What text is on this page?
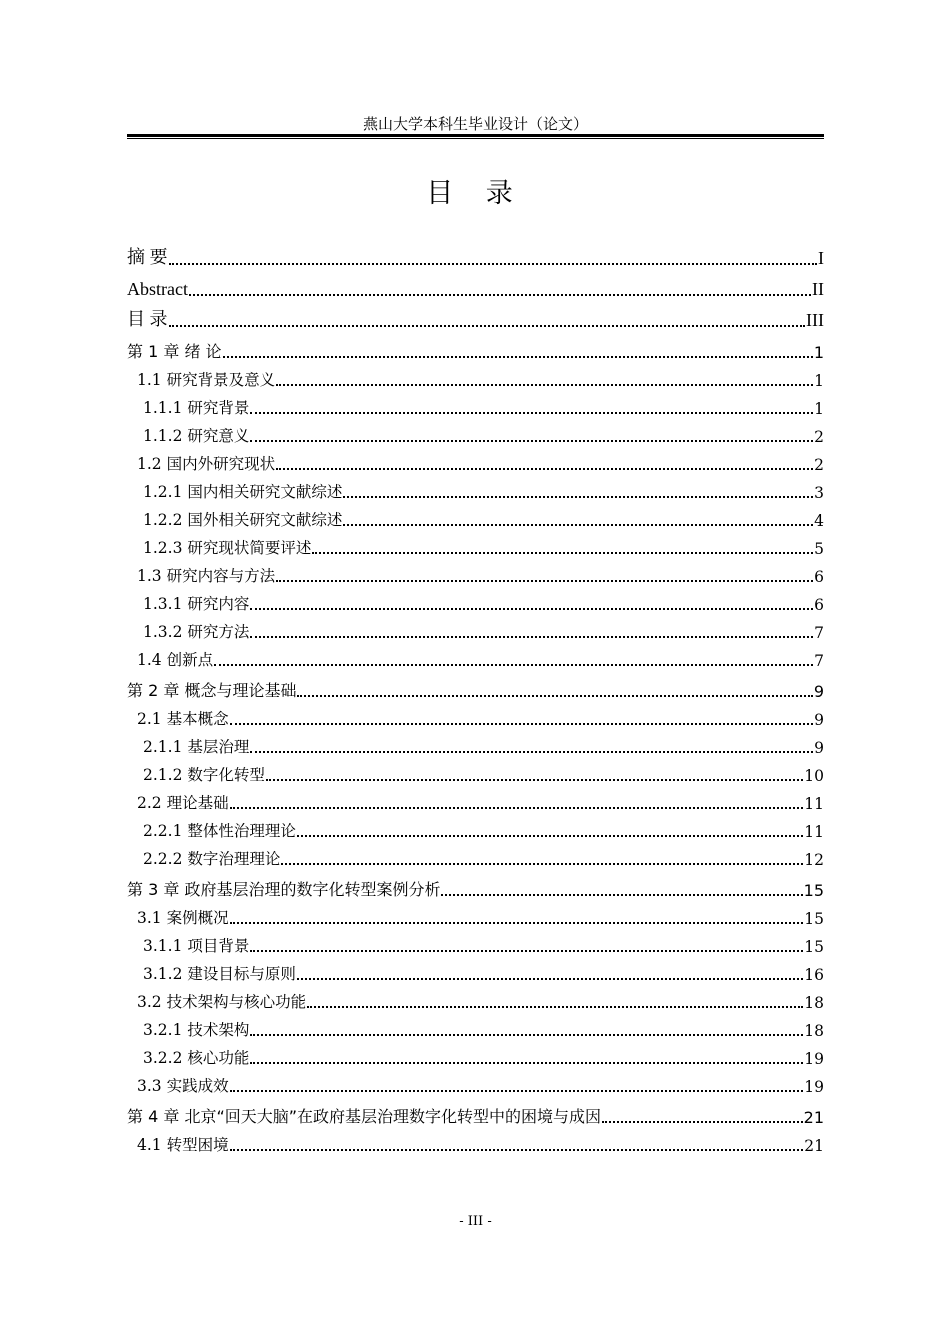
燕山大学本科生毕业设计（论文）
目 录
摘 要	I
Abstract	II
目 录	III
第 1 章 绪 论	1
1.1 研究背景及意义	1
1.1.1 研究背景	1
1.1.2 研究意义	2
1.2 国内外研究现状	2
1.2.1 国内相关研究文献综述	3
1.2.2 国外相关研究文献综述	4
1.2.3 研究现状简要评述	5
1.3 研究内容与方法	6
1.3.1 研究内容	6
1.3.2 研究方法	7
1.4 创新点	7
第 2 章 概念与理论基础	9
2.1 基本概念	9
2.1.1 基层治理	9
2.1.2 数字化转型	10
2.2 理论基础	11
2.2.1 整体性治理理论	11
2.2.2 数字治理理论	12
第 3 章 政府基层治理的数字化转型案例分析	15
3.1 案例概况	15
3.1.1 项目背景	15
3.1.2 建设目标与原则	16
3.2 技术架构与核心功能	18
3.2.1 技术架构	18
3.2.2 核心功能	19
3.3 实践成效	19
第 4 章 北京“回天大脑”在政府基层治理数字化转型中的困境与成因	21
4.1 转型困境	21
- III -
